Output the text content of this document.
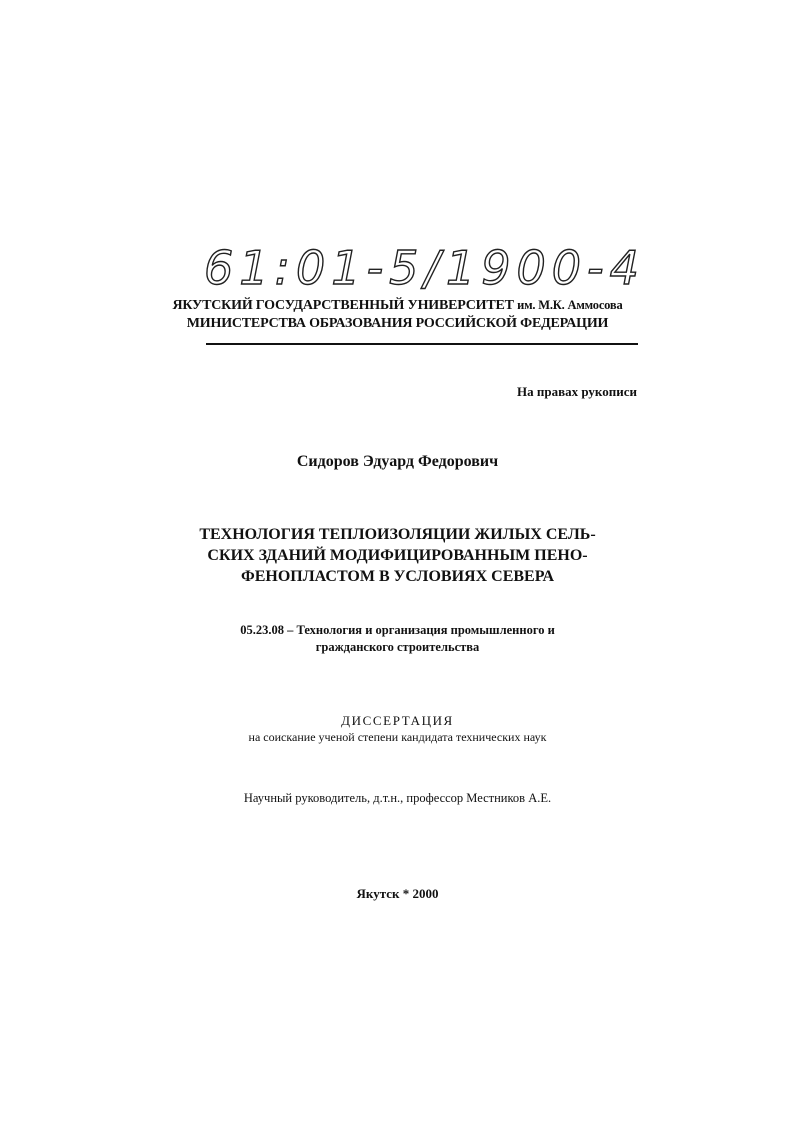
61:01-5/1900-4
ЯКУТСКИЙ ГОСУДАРСТВЕННЫЙ УНИВЕРСИТЕТ им. М.К. Аммосова
МИНИСТЕРСТВА ОБРАЗОВАНИЯ РОССИЙСКОЙ ФЕДЕРАЦИИ
На правах рукописи
Сидоров Эдуард Федорович
ТЕХНОЛОГИЯ ТЕПЛОИЗОЛЯЦИИ ЖИЛЫХ СЕЛЬ-
СКИХ ЗДАНИЙ МОДИФИЦИРОВАННЫМ ПЕНО-
ФЕНОПЛАСТОМ В УСЛОВИЯХ СЕВЕРА
05.23.08 – Технология и организация промышленного и
гражданского строительства
ДИССЕРТАЦИЯ
на соискание ученой степени кандидата технических наук
Научный руководитель, д.т.н., профессор Местников А.Е.
Якутск * 2000
